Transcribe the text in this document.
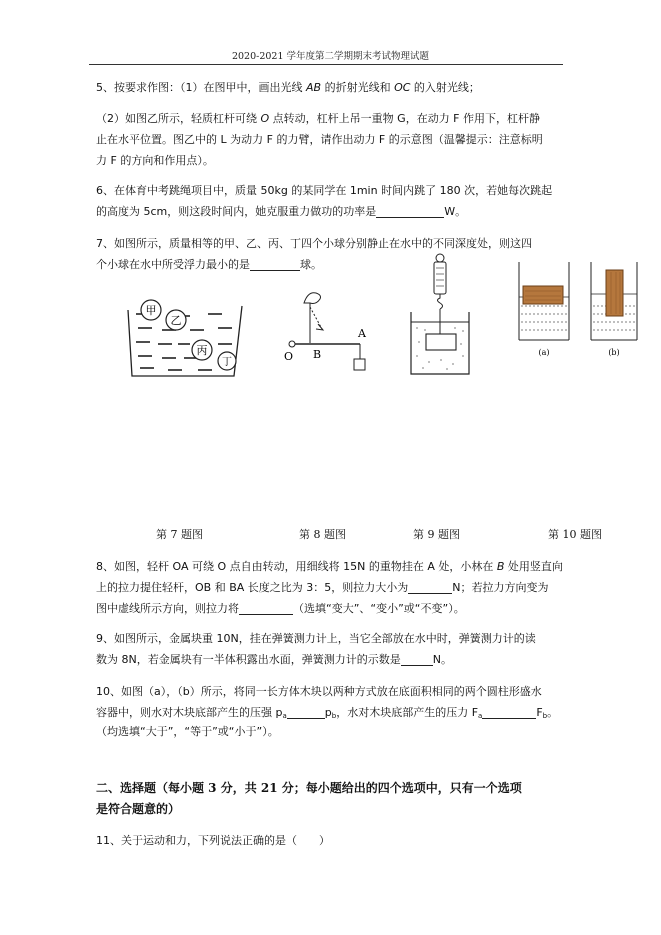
2020-2021 学年度第二学期期末考试物理试题
5、按要求作图：（1）在图甲中，画出光线 AB 的折射光线和 OC 的入射光线；
（2）如图乙所示，轻质杠杆可绕 O 点转动，杠杆上吊一重物 G，在动力 F 作用下，杠杆静
止在水平位置。图乙中的 L 为动力 F 的力臂，请作出动力 F 的示意图（温馨提示：注意标明
力 F 的方向和作用点）。
6、在体育中考跳绳项目中，质量 50kg 的某同学在 1min 时间内跳了 180 次，若她每次跳起
的高度为 5cm，则这段时间内，她克服重力做功的功率是	W。
7、如图所示，质量相等的甲、乙、丙、丁四个小球分别静止在水中的不同深度处，则这四
个小球在水中所受浮力最小的是	球。
甲
乙
丙
丁
A
B
O	(a)	(b)
第 7 题图	第 8 题图	第 9 题图	第 10 题图
8、如图，轻杆 OA 可绕 O 点自由转动，用细线将 15N 的重物挂在 A 处，小林在 B 处用竖直向
上的拉力提住轻杆，OB 和 BA 长度之比为 3：5，则拉力大小为	N；若拉力方向变为
图中虚线所示方向，则拉力将	（选填“变大”、“变小”或“不变”）。
9、如图所示，金属块重 10N，挂在弹簧测力计上，当它全部放在水中时，弹簧测力计的读
数为 8N，若金属块有一半体积露出水面，弹簧测力计的示数是	N。
10、如图（a），（b）所示，将同一长方体木块以两种方式放在底面积相同的两个圆柱形盛水
容器中，则水对木块底部产生的压强 $p_a$	$p_b$，水对木块底部产生的压力 $F_a$	$F_b$。
（均选填“大于”，“等于”或“小于”）。
二、选择题（每小题 3 分，共 21 分；每小题给出的四个选项中，只有一个选项
是符合题意的）
11、关于运动和力，下列说法正确的是（　　）
